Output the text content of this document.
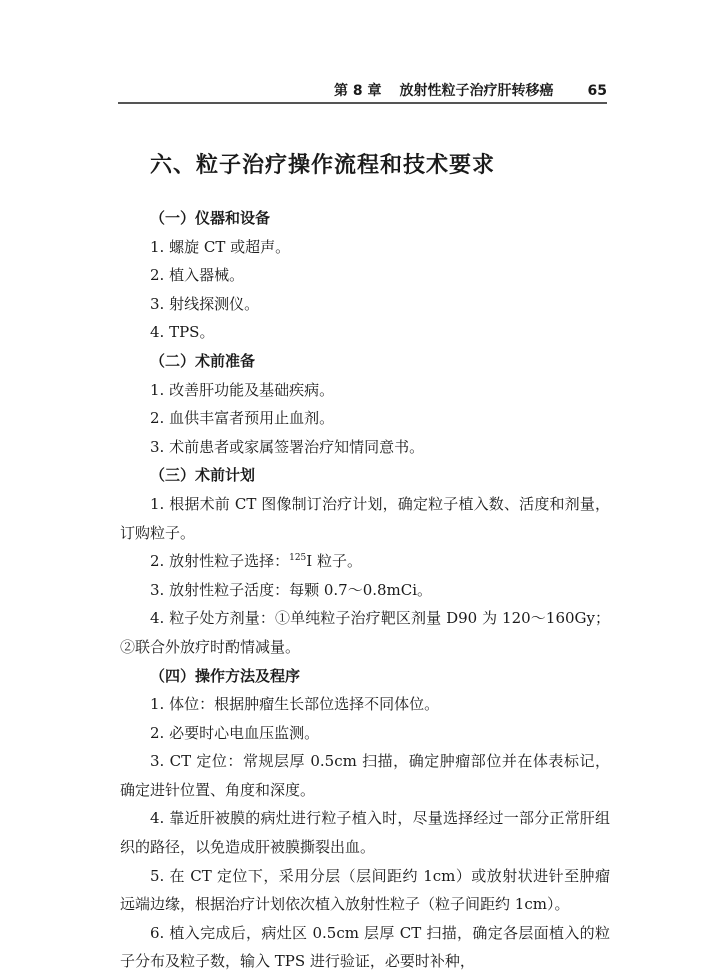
第 8 章 放射性粒子治疗肝转移癌 65
六、粒子治疗操作流程和技术要求

（一）仪器和设备

1. 螺旋 CT 或超声。

2. 植入器械。

3. 射线探测仪。

4. TPS。

（二）术前准备

1. 改善肝功能及基础疾病。

2. 血供丰富者预用止血剂。

3. 术前患者或家属签署治疗知情同意书。

（三）术前计划

1. 根据术前 CT 图像制订治疗计划，确定粒子植入数、活度和剂量，订购粒子。

2. 放射性粒子选择：$^{125}$I 粒子。

3. 放射性粒子活度：每颗 0.7～0.8mCi。

4. 粒子处方剂量：①单纯粒子治疗靶区剂量 D90 为 120～160Gy；②联合外放疗时酌情减量。

（四）操作方法及程序

1. 体位：根据肿瘤生长部位选择不同体位。

2. 必要时心电血压监测。

3. CT 定位：常规层厚 0.5cm 扫描，确定肿瘤部位并在体表标记，确定进针位置、角度和深度。

4. 靠近肝被膜的病灶进行粒子植入时，尽量选择经过一部分正常肝组织的路径，以免造成肝被膜撕裂出血。

5. 在 CT 定位下，采用分层（层间距约 1cm）或放射状进针至肿瘤远端边缘，根据治疗计划依次植入放射性粒子（粒子间距约 1cm）。

6. 植入完成后，病灶区 0.5cm 层厚 CT 扫描，确定各层面植入的粒子分布及粒子数，输入 TPS 进行验证，必要时补种，
